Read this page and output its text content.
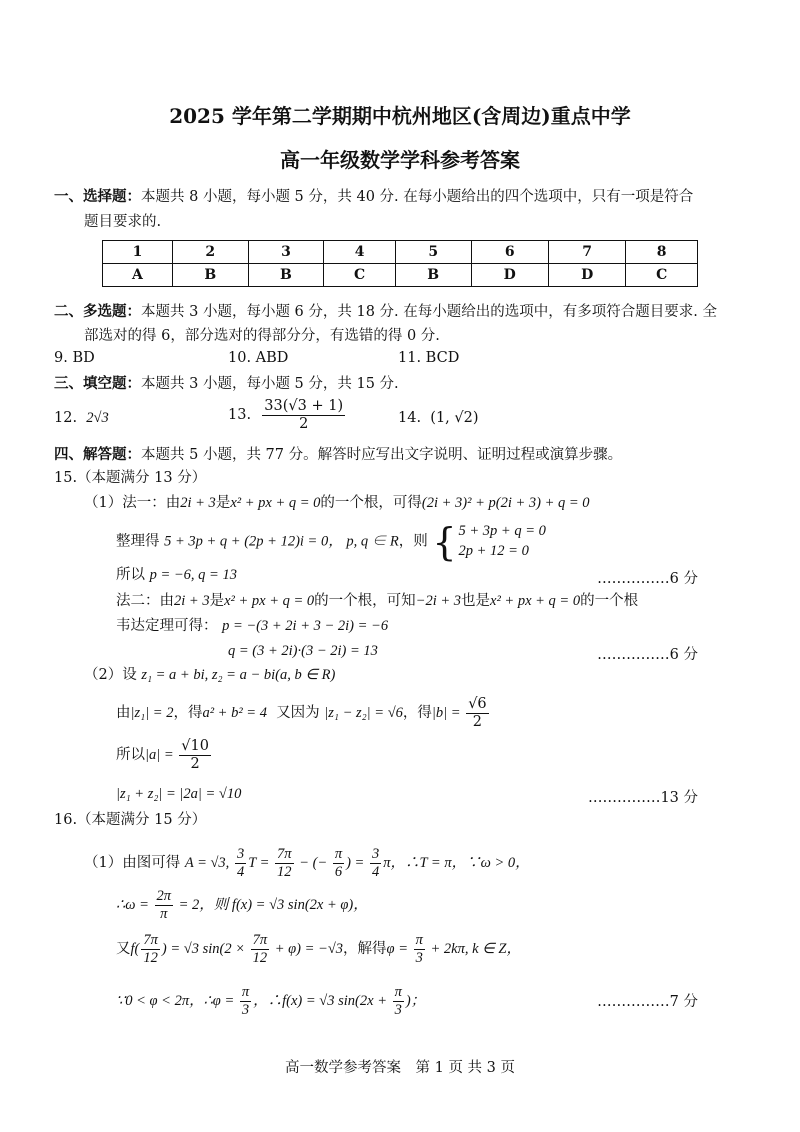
2025 学年第二学期期中杭州地区(含周边)重点中学
高一年级数学学科参考答案
一、选择题：本题共 8 小题，每小题 5 分，共 40 分. 在每小题给出的四个选项中，只有一项是符合
题目要求的.
1	2	3	4	5	6	7	8
A	B	B	C	B	D	D	C
二、多选题：本题共 3 小题，每小题 6 分，共 18 分. 在每小题给出的选项中，有多项符合题目要求. 全
部选对的得 6，部分选对的得部分分，有选错的得 0 分.
9. BD	10. ABD	11. BCD
三、填空题：本题共 3 小题，每小题 5 分，共 15 分.
12. 2√3	13. $\frac{33(√3 + 1)}{2}$	14. (1, √2)
四、解答题：本题共 5 小题，共 77 分。解答时应写出文字说明、证明过程或演算步骤。
15.（本题满分 13 分）
（1）法一：由2i + 3是x² + px + q = 0的一个根，可得(2i + 3)² + p(2i + 3) + q = 0
整理得 5 + 3p + q + (2p + 12)i = 0， p, q ∈ R，则 { 5 + 3p + q = 0
2p + 12 = 0
所以 p = −6, q = 13	……………6 分
法二：由2i + 3是x² + px + q = 0的一个根，可知−2i + 3也是x² + px + q = 0的一个根
韦达定理可得： p = −(3 + 2i + 3 − 2i) = −6
q = (3 + 2i)·(3 − 2i) = 13	……………6 分
（2）设 z₁ = a + bi, z₂ = a − bi(a, b ∈ R)
由|z₁| = 2，得a² + b² = 4 又因为 |z₁ − z₂| = √6，得$|b| = \frac{√6}{2}$
所以$|a| = \frac{√10}{2}$
|z₁ + z₂| = |2a| = √10	……………13 分
16.（本题满分 15 分）
（1）由图可得 A = √3, $\frac{3}{4}$ $T = \frac{7\pi}{12}$ − (− $\frac{\pi}{6}$ ) = $\frac{3}{4}$ π，∴T = π，∵ω > 0，
∴ω = $\frac{2\pi}{\pi} = 2$，则 f(x) = √3 sin(2x + φ)，
又$f( \frac{7\pi}{12}$ ) = √3 $\sin(2 \times \frac{7\pi}{12} + \varphi) = -√3$，解得$\varphi = \frac{\pi}{3} + 2k\pi$, k ∈ Z，
∵0 < φ < 2π，∴φ = $\frac{\pi}{3}$ ，∴f(x) = √3 $\sin(2x + \frac{\pi}{3}$ )；	……………7 分
高一数学参考答案　第 1 页 共 3 页
